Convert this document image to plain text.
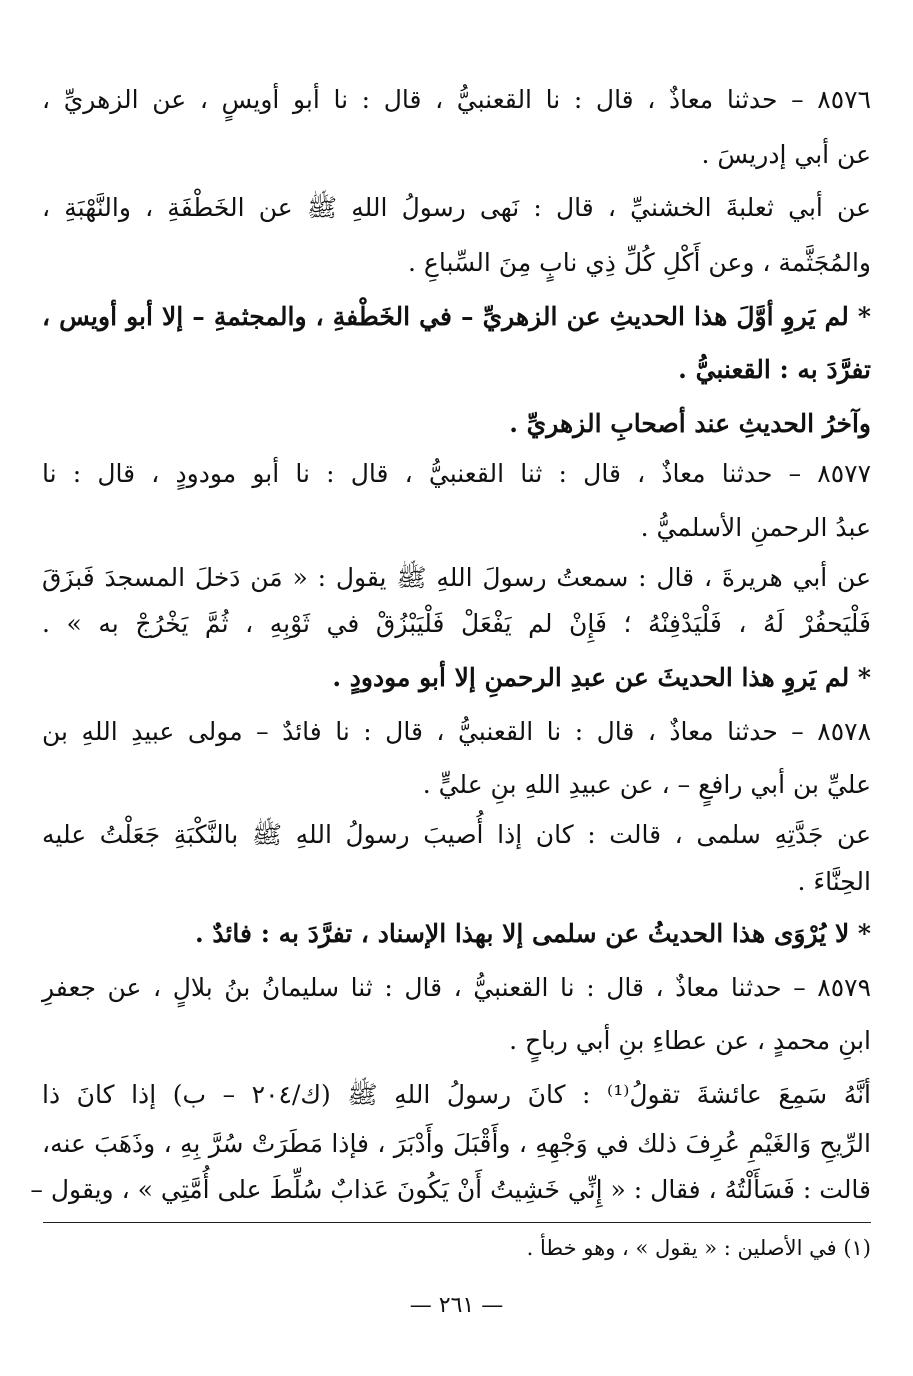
٨٥٧٦ – حدثنا معاذٌ ، قال : نا القعنبيُّ ، قال : نا أبو أويسٍ ، عن الزهريِّ ،
عن أبي إدريسَ .
عن أبي ثعلبةَ الخشنيِّ ، قال : نَهى رسولُ اللهِ ﷺ عن الخَطْفَةِ ، والنَّهْبَةِ ،
والمُجَثَّمة ، وعن أَكْلِ كُلِّ ذِي نابٍ مِنَ السِّباعِ .
* لم يَروِ أوَّلَ هذا الحديثِ عن الزهريِّ – في الخَطْفةِ ، والمجثمةِ – إلا أبو أويس ،
تفرَّدَ به : القعنبيُّ .
وآخرُ الحديثِ عند أصحابِ الزهريِّ .
٨٥٧٧ – حدثنا معاذٌ ، قال : ثنا القعنبيُّ ، قال : نا أبو مودودٍ ، قال : نا
عبدُ الرحمنِ الأسلميُّ .
عن أبي هريرةَ ، قال : سمعتُ رسولَ اللهِ ﷺ يقول : « مَن دَخلَ المسجدَ فَبزَقَ
فَلْيَحفُرْ لَهُ ، فَلْيَدْفِنْهُ ؛ فَإِنْ لم يَفْعَلْ فَلْيَبْزُقْ في ثَوْبِهِ ، ثُمَّ يَخْرُجْ به » .
* لم يَروِ هذا الحديثَ عن عبدِ الرحمنِ إلا أبو مودودٍ .
٨٥٧٨ – حدثنا معاذٌ ، قال : نا القعنبيُّ ، قال : نا فائدٌ – مولى عبيدِ اللهِ بن
عليِّ بن أبي رافعٍ – ، عن عبيدِ اللهِ بنِ عليٍّ .
عن جَدَّتِهِ سلمى ، قالت : كان إذا أُصيبَ رسولُ اللهِ ﷺ بالنَّكْبَةِ جَعَلْتُ عليه
الحِنَّاءَ .
* لا يُرْوَى هذا الحديثُ عن سلمى إلا بهذا الإسناد ، تفرَّدَ به : فائدٌ .
٨٥٧٩ – حدثنا معاذٌ ، قال : نا القعنبيُّ ، قال : ثنا سليمانُ بنُ بلالٍ ، عن جعفرِ
ابنِ محمدٍ ، عن عطاءِ بنِ أبي رباحٍ .
أنَّهُ سَمِعَ عائشةَ تقولُ⁽¹⁾ : كانَ رسولُ اللهِ ﷺ (ك/٢٠٤ – ب) إذا كانَ ذا
الرِّيحِ وَالغَيْمِ عُرِفَ ذلك في وَجْهِهِ ، وأَقْبَلَ وأَدْبَرَ ، فإذا مَطَرَتْ سُرَّ بِهِ ، وذَهَبَ عنه،
قالت : فَسَأَلْتُهُ ، فقال : « إِنِّي خَشِيتُ أَنْ يَكُونَ عَذابٌ سُلِّطَ على أُمَّتِي » ، ويقول –
(١) في الأصلين : « يقول » ، وهو خطأ .
— ٢٦١ —
